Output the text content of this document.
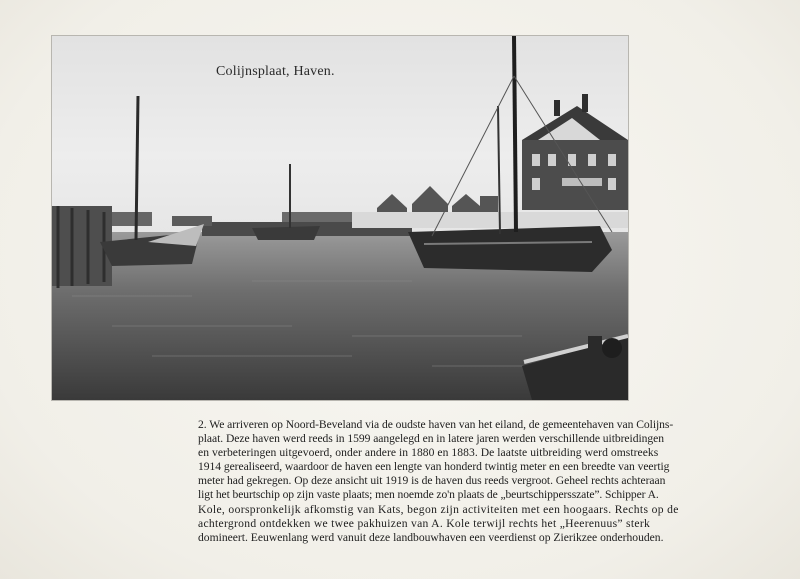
Colijnsplaat, Haven.
2. We arriveren op Noord-Beveland via de oudste haven van het eiland, de gemeentehaven van Colijns-
plaat. Deze haven werd reeds in 1599 aangelegd en in latere jaren werden verschillende uitbreidingen
en verbeteringen uitgevoerd, onder andere in 1880 en 1883. De laatste uitbreiding werd omstreeks
1914 gerealiseerd, waardoor de haven een lengte van honderd twintig meter en een breedte van veertig
meter had gekregen. Op deze ansicht uit 1919 is de haven dus reeds vergroot. Geheel rechts achteraan
ligt het beurtschip op zijn vaste plaats; men noemde zo'n plaats de „beurtschippersszate”. Schipper A.
Kole, oorspronkelijk afkomstig van Kats, begon zijn activiteiten met een hoogaars. Rechts op de
achtergrond ontdekken we twee pakhuizen van A. Kole terwijl rechts het „Heerenuus” sterk
domineert. Eeuwenlang werd vanuit deze landbouwhaven een veerdienst op Zierikzee onderhouden.
